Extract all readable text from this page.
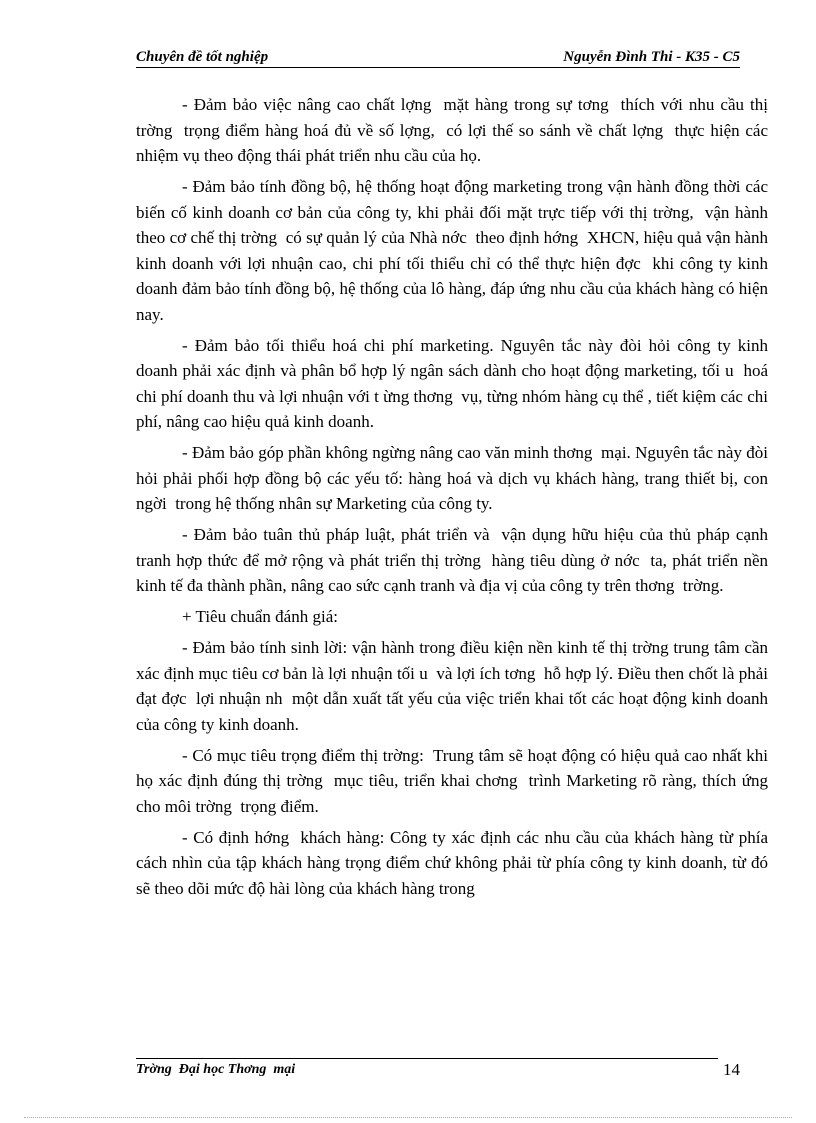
Chuyên đề tốt nghiệp	Nguyễn Đình Thi - K35 - C5

- Đảm bảo việc nâng cao chất lợng  mặt hàng trong sự tơng  thích với nhu cầu thị trờng  trọng điểm hàng hoá đủ về số lợng,  có lợi thế so sánh về chất lợng  thực hiện các nhiệm vụ theo động thái phát triển nhu cầu của họ.

- Đảm bảo tính đồng bộ, hệ thống hoạt động marketing trong vận hành đồng thời các biến cố kinh doanh cơ bản của công ty, khi phải đối mặt trực tiếp với thị trờng,  vận hành theo cơ chế thị trờng  có sự quản lý của Nhà nớc  theo định hớng  XHCN, hiệu quả vận hành kinh doanh với lợi nhuận cao, chi phí tối thiểu chỉ có thể thực hiện đợc  khi công ty kinh doanh đảm bảo tính đồng bộ, hệ thống của lô hàng, đáp ứng nhu cầu của khách hàng có hiện nay.

- Đảm bảo tối thiểu hoá chi phí marketing. Nguyên tắc này đòi hỏi công ty kinh doanh phải xác định và phân bổ hợp lý ngân sách dành cho hoạt động marketing, tối u  hoá chi phí doanh thu và lợi nhuận với t ừng thơng  vụ, từng nhóm hàng cụ thể , tiết kiệm các chi phí, nâng cao hiệu quả kinh doanh.

- Đảm bảo góp phần không ngừng nâng cao văn minh thơng  mại. Nguyên tắc này đòi hỏi phải phối hợp đồng bộ các yếu tố: hàng hoá và dịch vụ khách hàng, trang thiết bị, con ngời  trong hệ thống nhân sự Marketing của công ty.

- Đảm bảo tuân thủ pháp luật, phát triển và  vận dụng hữu hiệu của thủ pháp cạnh tranh hợp thức để mở rộng và phát triển thị trờng  hàng tiêu dùng ở nớc  ta, phát triển nền kinh tế đa thành phần, nâng cao sức cạnh tranh và địa vị của công ty trên thơng  trờng.

+ Tiêu chuẩn đánh giá:

- Đảm bảo tính sinh lời: vận hành trong điều kiện nền kinh tế thị trờng trung tâm cần xác định mục tiêu cơ bản là lợi nhuận tối u  và lợi ích tơng  hỗ hợp lý. Điều then chốt là phải đạt đợc  lợi nhuận nh  một dẫn xuất tất yếu của việc triển khai tốt các hoạt động kinh doanh của công ty kinh doanh.

- Có mục tiêu trọng điểm thị trờng:  Trung tâm sẽ hoạt động có hiệu quả cao nhất khi họ xác định đúng thị trờng  mục tiêu, triển khai chơng  trình Marketing rõ ràng, thích ứng cho môi trờng  trọng điểm.

- Có định hớng  khách hàng: Công ty xác định các nhu cầu của khách hàng từ phía cách nhìn của tập khách hàng trọng điểm chứ không phải từ phía công ty kinh doanh, từ đó sẽ theo dõi mức độ hài lòng của khách hàng trong

Trờng  Đại học Thơng  mại	14
